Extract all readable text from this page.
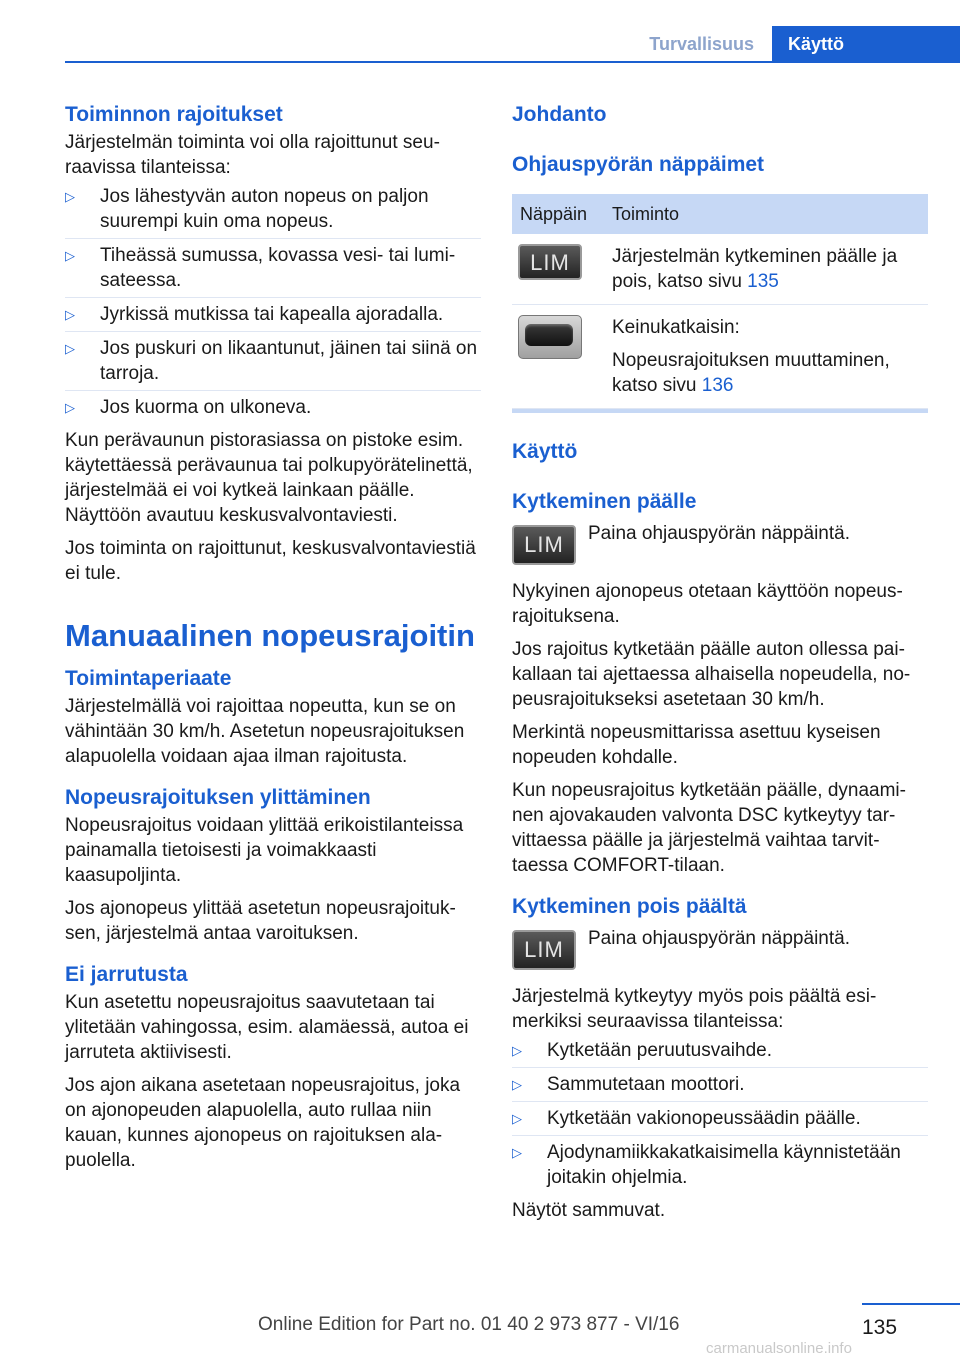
Turvallisuus	Käyttö
Toiminnon rajoitukset

Järjestelmän toiminta voi olla rajoittunut seuraavissa tilanteissa:

▷ Jos lähestyvän auton nopeus on paljon suurempi kuin oma nopeus.
▷ Tiheässä sumussa, kovassa vesi- tai lumisateessa.
▷ Jyrkissä mutkissa tai kapealla ajoradalla.
▷ Jos puskuri on likaantunut, jäinen tai siinä on tarroja.
▷ Jos kuorma on ulkoneva.

Kun perävaunun pistorasiassa on pistoke esim. käytettäessä perävaunua tai polkupyörätelinettä, järjestelmää ei voi kytkeä lainkaan päälle. Näyttöön avautuu keskusvalvontaviesti.

Jos toiminta on rajoittunut, keskusvalvontaviestiä ei tule.

Manuaalinen nopeusrajoitin
Toimintaperiaate

Järjestelmällä voi rajoittaa nopeutta, kun se on vähintään 30 km/h. Asetetun nopeusrajoituksen alapuolella voidaan ajaa ilman rajoitusta.

Nopeusrajoituksen ylittäminen

Nopeusrajoitus voidaan ylittää erikoistilanteissa painamalla tietoisesti ja voimakkaasti kaasupoljinta.

Jos ajonopeus ylittää asetetun nopeusrajoituksen, järjestelmä antaa varoituksen.

Ei jarrutusta

Kun asetettu nopeusrajoitus saavutetaan tai ylitetään vahingossa, esim. alamäessä, autoa ei jarruteta aktiivisesti.

Jos ajon aikana asetetaan nopeusrajoitus, joka on ajonopeuden alapuolella, auto rullaa niin kauan, kunnes ajonopeus on rajoituksen alapuolella.

Johdanto
Ohjauspyörän näppäimet
Näppäin	Toiminto

LIM	Järjestelmän kytkeminen päälle ja pois, katso sivu 135

	Keinukatkaisin:
Nopeusrajoituksen muuttaminen, katso sivu 136
Käyttö
Kytkeminen päälle
LIM	Paina ohjauspyörän näppäintä.

Nykyinen ajonopeus otetaan käyttöön nopeusrajoituksena.

Jos rajoitus kytketään päälle auton ollessa paikallaan tai ajettaessa alhaisella nopeudella, nopeusrajoitukseksi asetetaan 30 km/h.

Merkintä nopeusmittarissa asettuu kyseisen nopeuden kohdalle.

Kun nopeusrajoitus kytketään päälle, dynaaminen ajovakauden valvonta DSC kytkeytyy tarvittaessa päälle ja järjestelmä vaihtaa tarvittaessa COMFORT-tilaan.

Kytkeminen pois päältä
LIM	Paina ohjauspyörän näppäintä.

Järjestelmä kytkeytyy myös pois päältä esimerkiksi seuraavissa tilanteissa:

▷ Kytketään peruutusvaihde.
▷ Sammutetaan moottori.
▷ Kytketään vakionopeussäädin päälle.
▷ Ajodynamiikkakatkaisimella käynnistetään joitakin ohjelmia.

Näytöt sammuvat.

135
Online Edition for Part no. 01 40 2 973 877 - VI/16
carmanualsonline.info
